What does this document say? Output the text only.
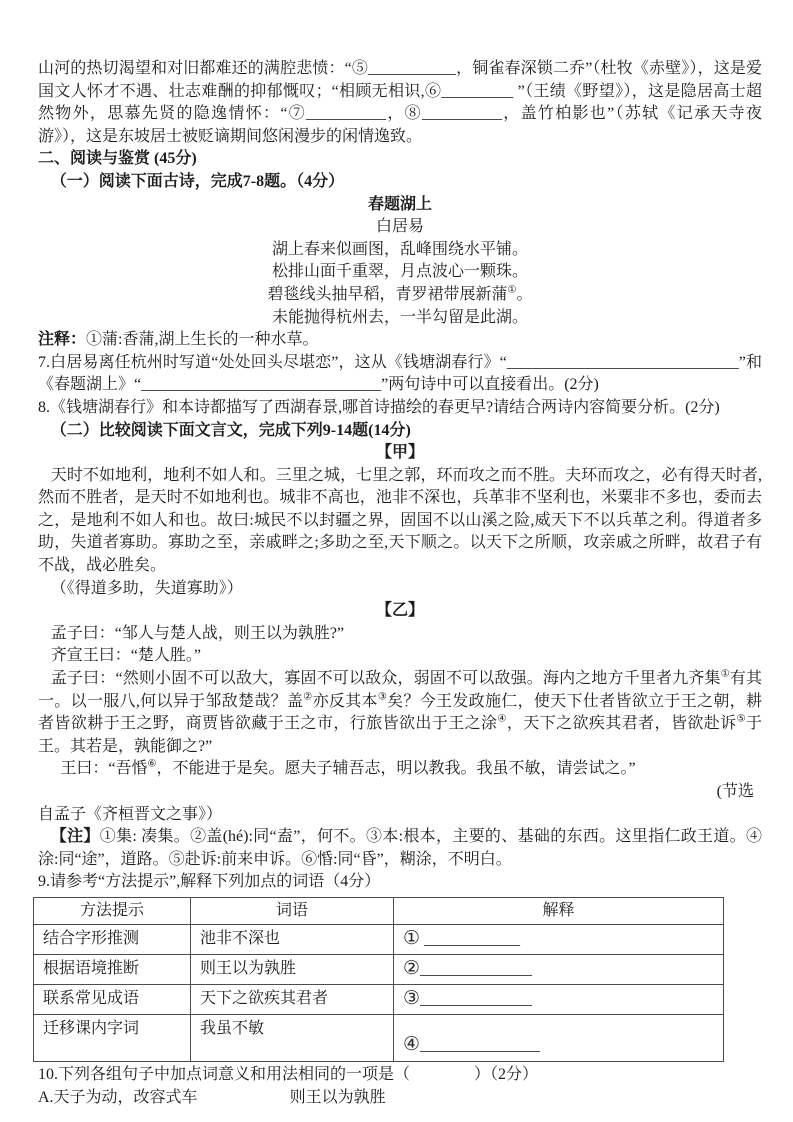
山河的热切渴望和对旧都难还的满腔悲愤：“⑤___________，铜雀春深锁二乔”（杜牧《赤壁》），这是爱国文人怀才不遇、壮志难酬的抑郁慨叹；“相顾无相识,⑥_________ ”（王绩《野望》），这是隐居高士超然物外，思慕先贤的隐逸情怀：“⑦__________，⑧__________，盖竹柏影也”（苏轼《记承天寺夜游》），这是东坡居士被贬谪期间悠闲漫步的闲情逸致。

二、阅读与鉴赏 (45分)

（一）阅读下面古诗，完成7-8题。（4分）

春题湖上

白居易

湖上春来似画图，乱峰围绕水平铺。

松排山面千重翠，月点波心一颗珠。

碧毯线头抽早稻，青罗裙带展新蒲①。

未能抛得杭州去，一半勾留是此湖。

注释：①蒲:香蒲,湖上生长的一种水草。

7.白居易离任杭州时写道“处处回头尽堪恋”，这从《钱塘湖春行》“_____________________________”和《春题湖上》“______________________________”两句诗中可以直接看出。(2分)

8.《钱塘湖春行》和本诗都描写了西湖春景,哪首诗描绘的春更早?请结合两诗内容简要分析。(2分)

（二）比较阅读下面文言文，完成下列9-14题(14分)

【甲】

天时不如地利，地利不如人和。三里之城，七里之郭，环而攻之而不胜。夫环而攻之，必有得天时者,然而不胜者，是天时不如地利也。城非不高也，池非不深也，兵革非不坚利也，米粟非不多也，委而去之，是地利不如人和也。故曰:城民不以封疆之界，固国不以山溪之险,威天下不以兵革之利。得道者多助，失道者寡助。寡助之至，亲戚畔之;多助之至,天下顺之。以天下之所顺，攻亲戚之所畔，故君子有不战，战必胜矣。

（《得道多助，失道寡助》）

【乙】

孟子曰：“邹人与楚人战，则王以为孰胜?”

齐宣王曰：“楚人胜。”

孟子曰：“然则小固不可以敌大，寡固不可以敌众，弱固不可以敌强。海内之地方千里者九齐集①有其一。以一服八,何以异于邹敌楚哉？盖②亦反其本③矣？今王发政施仁，使天下仕者皆欲立于王之朝，耕者皆欲耕于王之野，商贾皆欲藏于王之市，行旅皆欲出于王之涂④，天下之欲疾其君者，皆欲赴诉⑤于王。其若是，孰能御之?”

王曰：“吾惛⑥，不能进于是矣。愿夫子辅吾志，明以教我。我虽不敏，请尝试之。”

(节选

自孟子《齐桓晋文之事》）

【注】①集: 凑集。②盖(hé):同“盍”，何不。③本:根本，主要的、基础的东西。这里指仁政王道。④涂:同“途”，道路。⑤赴诉:前来申诉。⑥惛:同“昏”，糊涂，不明白。

9.请参考“方法提示”,解释下列加点的词语（4分）

方法提示	词语	解释
结合字形推测	池非不深也	① ____________
根据语境推断	则王以为孰胜	②______________
联系常见成语	天下之欲疾其君者	③______________
迁移课内字词	我虽不敏	④_______________

10.下列各组句子中加点词意义和用法相同的一项是（　　　　）（2分）

A.天子为动，改容式车	则王以为孰胜
